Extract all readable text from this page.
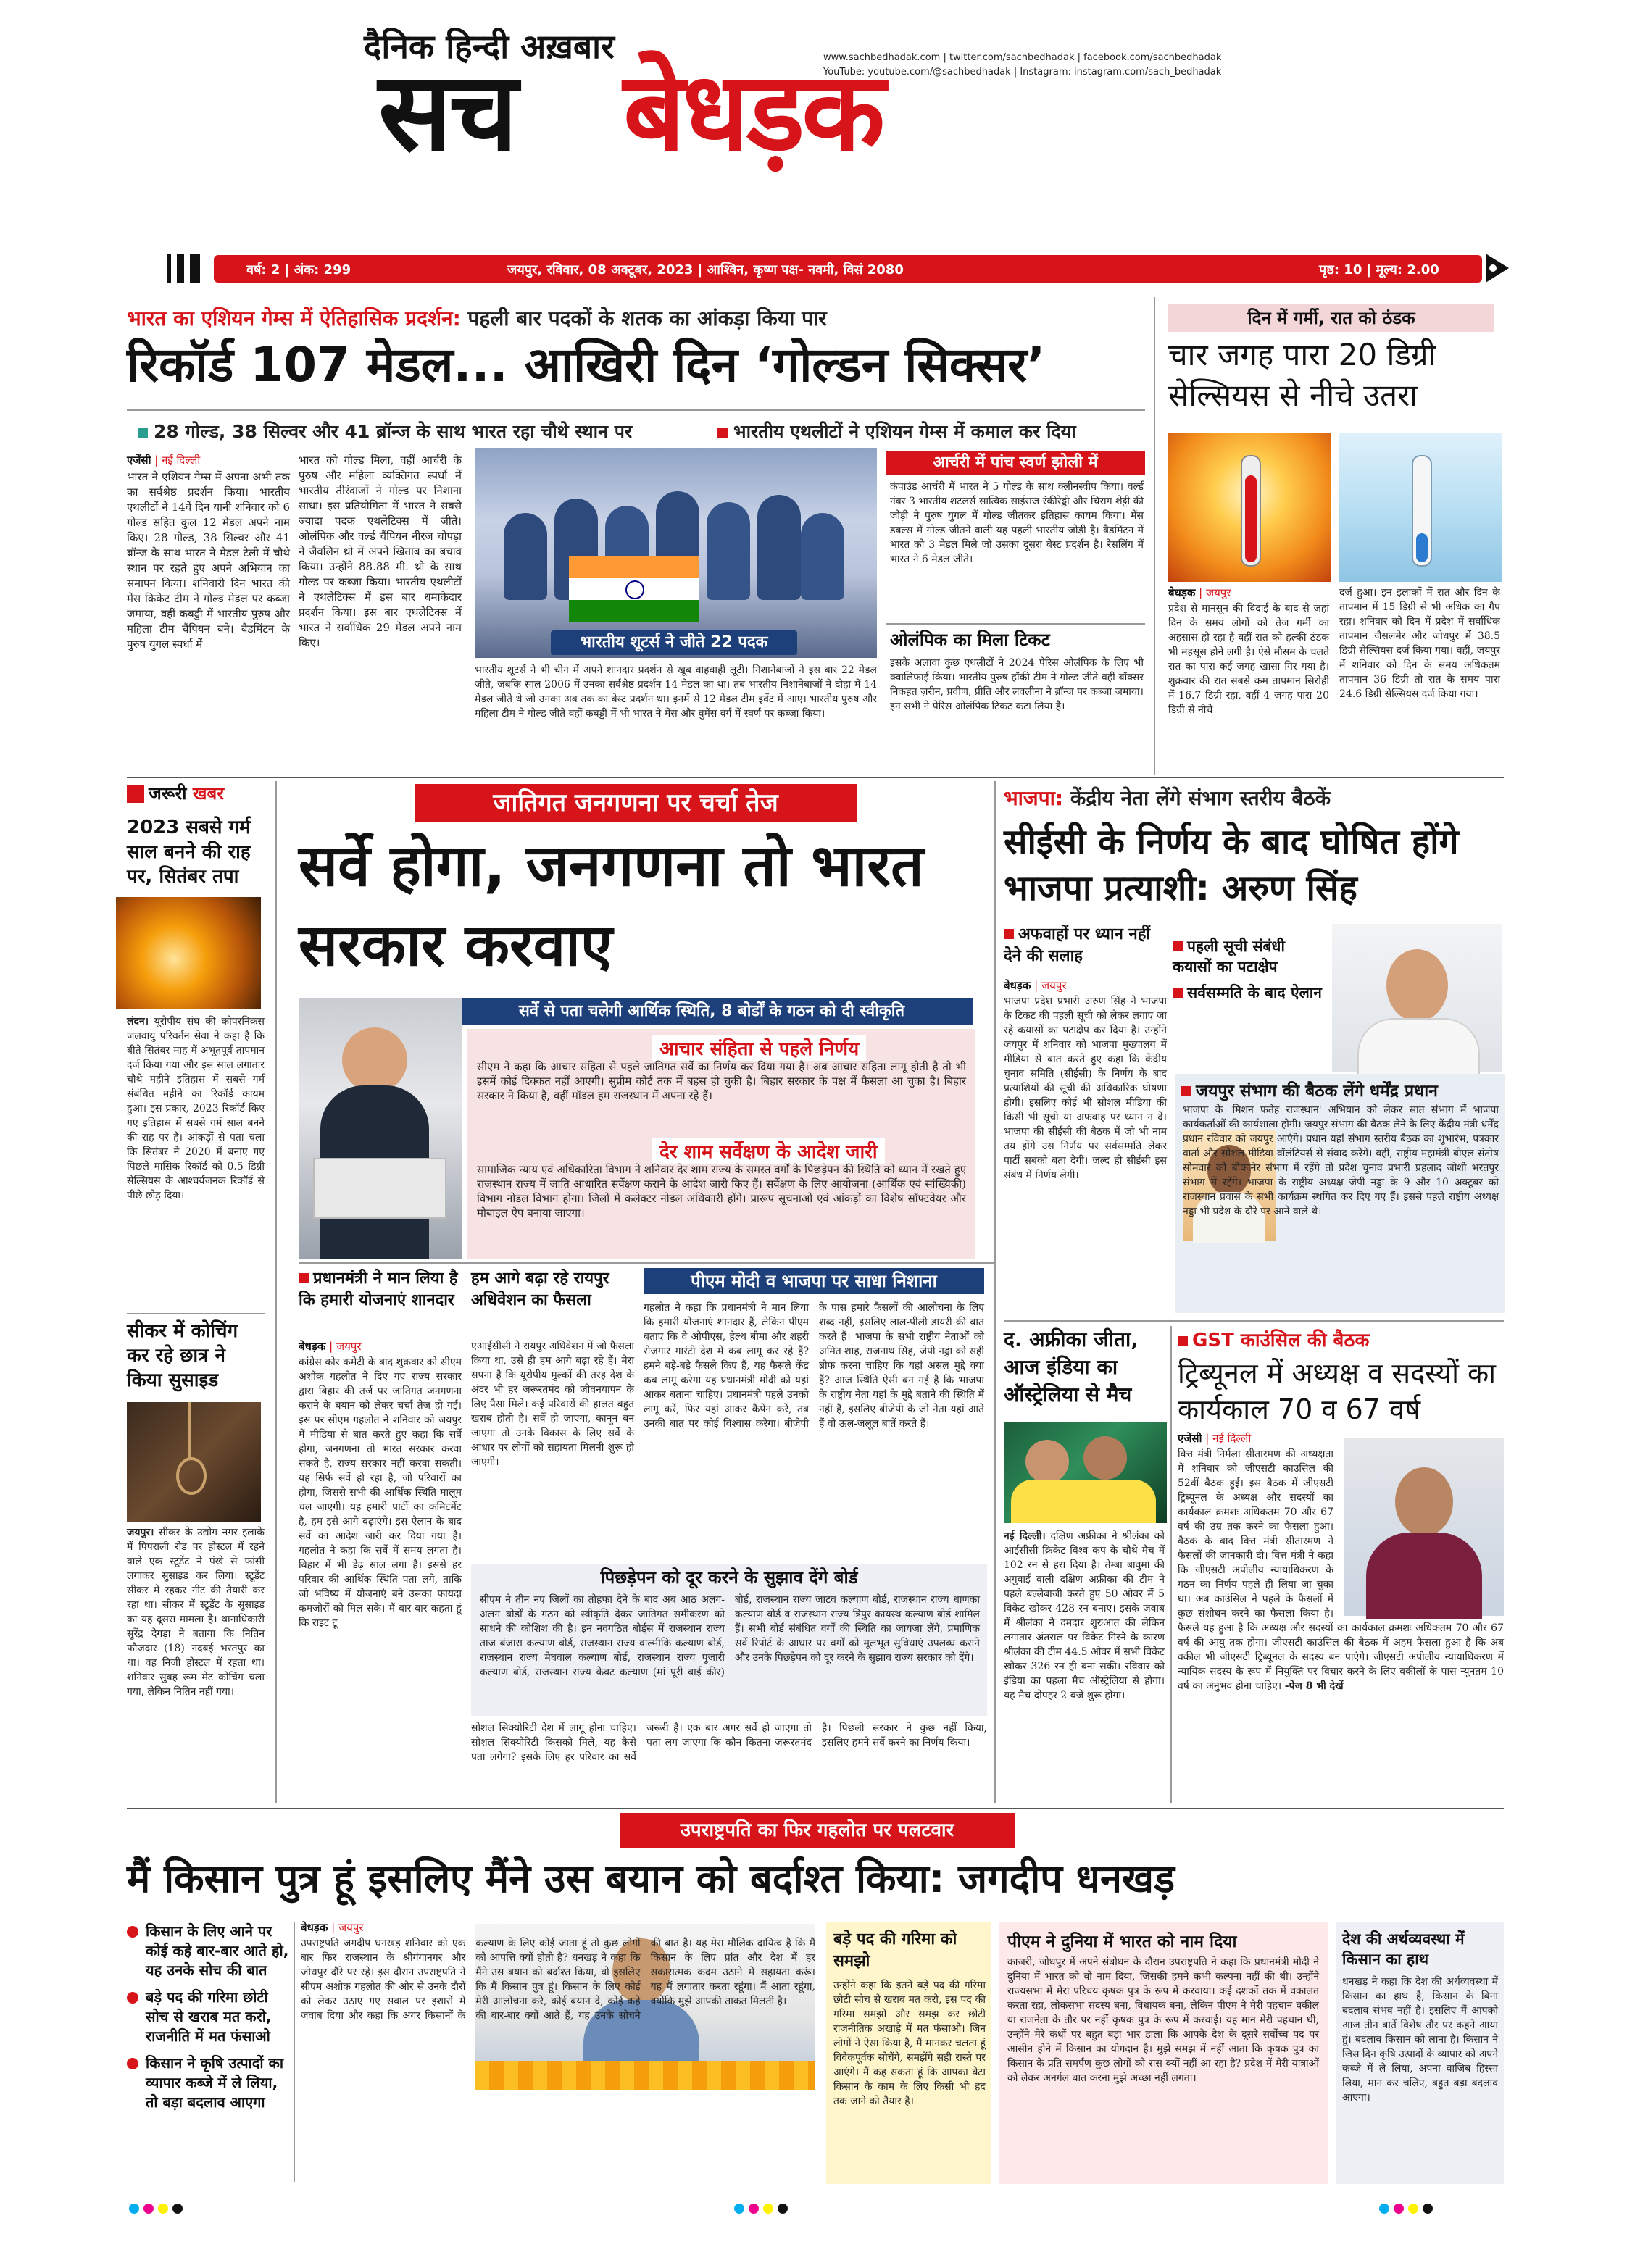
दैनिक हिन्दी अख़बार
सच बेधड़क
www.sachbedhadak.com | twitter.com/sachbedhadak | facebook.com/sachbedhadak
YouTube: youtube.com/@sachbedhadak | Instagram: instagram.com/sach_bedhadak
वर्ष: 2 | अंक: 299	जयपुर, रविवार, 08 अक्टूबर, 2023 | आश्विन, कृष्ण पक्ष- नवमी, विसं 2080	पृष्ठ: 10 | मूल्य: 2.00
भारत का एशियन गेम्स में ऐतिहासिक प्रदर्शन: पहली बार पदकों के शतक का आंकड़ा किया पार
रिकॉर्ड 107 मेडल... आखिरी दिन ‘गोल्डन सिक्सर’
28 गोल्ड, 38 सिल्वर और 41 ब्रॉन्ज के साथ भारत रहा चौथे स्थान पर	भारतीय एथलीटों ने एशियन गेम्स में कमाल कर दिया
एजेंसी | नई दिल्ली
भारत ने एशियन गेम्स में अपना अभी तक का सर्वश्रेष्ठ प्रदर्शन किया। भारतीय एथलीटों ने 14वें दिन यानी शनिवार को 6 गोल्ड सहित कुल 12 मेडल अपने नाम किए। 28 गोल्ड, 38 सिल्वर और 41 ब्रॉन्ज के साथ भारत ने मेडल टेली में चौथे स्थान पर रहते हुए अपने अभियान का समापन किया। शनिवारी दिन भारत की मेंस क्रिकेट टीम ने गोल्ड मेडल पर कब्जा जमाया, वहीं कबड्डी में भारतीय पुरुष और महिला टीम चैंपियन बने। बैडमिंटन के पुरुष युगल स्पर्धा में
भारत को गोल्ड मिला, वहीं आर्चरी के पुरुष और महिला व्यक्तिगत स्पर्धा में भारतीय तीरंदाजों ने गोल्ड पर निशाना साधा। इस प्रतियोगिता में भारत ने सबसे ज्यादा पदक एथलेटिक्स में जीते। ओलंपिक और वर्ल्ड चैंपियन नीरज चोपड़ा ने जैवलिन थ्रो में अपने खिताब का बचाव किया। उन्होंने 88.88 मी. थ्रो के साथ गोल्ड पर कब्जा किया। भारतीय एथलीटों ने एथलेटिक्स में इस बार धमाकेदार प्रदर्शन किया। इस बार एथलेटिक्स में भारत ने सर्वाधिक 29 मेडल अपने नाम किए।	भारतीय शूटर्स ने जीते 22 पदक
भारतीय शूटर्स ने भी चीन में अपने शानदार प्रदर्शन से खूब वाहवाही लूटी। निशानेबाजों ने इस बार 22 मेडल जीते, जबकि साल 2006 में उनका सर्वश्रेष्ठ प्रदर्शन 14 मेडल का था। तब भारतीय निशानेबाजों ने दोहा में 14 मेडल जीते थे जो उनका अब तक का बेस्ट प्रदर्शन था। इनमें से 12 मेडल टीम इवेंट में आए। भारतीय पुरुष और महिला टीम ने गोल्ड जीते वहीं कबड्डी में भी भारत ने मेंस और वुमेंस वर्ग में स्वर्ण पर कब्जा किया।
आर्चरी में पांच स्वर्ण झोली में
कंपाउंड आर्चरी में भारत ने 5 गोल्ड के साथ क्लीनस्वीप किया। वर्ल्ड नंबर 3 भारतीय शटलर्स सात्विक साईराज रंकीरेड्डी और चिराग शेट्टी की जोड़ी ने पुरुष युगल में गोल्ड जीतकर इतिहास कायम किया। मेंस डबल्स में गोल्ड जीतने वाली यह पहली भारतीय जोड़ी है। बैडमिंटन में भारत को 3 मेडल मिले जो उसका दूसरा बेस्ट प्रदर्शन है। रेसलिंग में भारत ने 6 मेडल जीते।
ओलंपिक का मिला टिकट
इसके अलावा कुछ एथलीटों ने 2024 पेरिस ओलंपिक के लिए भी क्वालिफाई किया। भारतीय पुरुष हॉकी टीम ने गोल्ड जीते वहीं बॉक्सर निकहत ज़रीन, प्रवीण, प्रीति और लवलीना ने ब्रॉन्ज पर कब्जा जमाया। इन सभी ने पेरिस ओलंपिक टिकट कटा लिया है।
दिन में गर्मी, रात को ठंडक
चार जगह पारा 20 डिग्री सेल्सियस से नीचे उतरा
बेधड़क | जयपुर
प्रदेश से मानसून की विदाई के बाद से जहां दिन के समय लोगों को तेज गर्मी का अहसास हो रहा है वहीं रात को हल्की ठंडक भी महसूस होने लगी है। ऐसे मौसम के चलते रात का पारा कई जगह खासा गिर गया है। शुक्रवार की रात सबसे कम तापमान सिरोही में 16.7 डिग्री रहा, वहीं 4 जगह पारा 20 डिग्री से नीचे
दर्ज हुआ। इन इलाकों में रात और दिन के तापमान में 15 डिग्री से भी अधिक का गैप रहा। शनिवार को दिन में प्रदेश में सर्वाधिक तापमान जैसलमेर और जोधपुर में 38.5 डिग्री सेल्सियस दर्ज किया गया। वहीं, जयपुर में शनिवार को दिन के समय अधिकतम तापमान 36 डिग्री तो रात के समय पारा 24.6 डिग्री सेल्सियस दर्ज किया गया।
जरूरी खबर
2023 सबसे गर्म साल बनने की राह पर, सितंबर तपा
लंदन। यूरोपीय संघ की कोपरनिकस जलवायु परिवर्तन सेवा ने कहा है कि बीते सितंबर माह में अभूतपूर्व तापमान दर्ज किया गया और इस साल लगातार चौथे महीने इतिहास में सबसे गर्म संबंधित महीने का रिकॉर्ड कायम हुआ। इस प्रकार, 2023 रिकॉर्ड किए गए इतिहास में सबसे गर्म साल बनने की राह पर है। आंकड़ों से पता चला कि सितंबर ने 2020 में बनाए गए पिछले मासिक रिकॉर्ड को 0.5 डिग्री सेल्सियस के आश्चर्यजनक रिकॉर्ड से पीछे छोड़ दिया।
सीकर में कोचिंग कर रहे छात्र ने किया सुसाइड
जयपुर। सीकर के उद्योग नगर इलाके में पिपराली रोड पर होस्टल में रहने वाले एक स्टूडेंट ने पंखे से फांसी लगाकर सुसाइड कर लिया। स्टूडेंट सीकर में रहकर नीट की तैयारी कर रहा था। सीकर में स्टूडेंट के सुसाइड का यह दूसरा मामला है। थानाधिकारी सुरेंद्र देगड़ा ने बताया कि नितिन फौजदार (18) नदबई भरतपुर का था। वह निजी होस्टल में रहता था। शनिवार सुबह रूम मेट कोचिंग चला गया, लेकिन नितिन नहीं गया।
जातिगत जनगणना पर चर्चा तेज
सर्वे होगा, जनगणना तो भारत सरकार करवाए
सर्वे से पता चलेगी आर्थिक स्थिति, 8 बोर्डों के गठन को दी स्वीकृति
आचार संहिता से पहले निर्णय
सीएम ने कहा कि आचार संहिता से पहले जातिगत सर्वे का निर्णय कर दिया गया है। अब आचार संहिता लागू होती है तो भी इसमें कोई दिक्कत नहीं आएगी। सुप्रीम कोर्ट तक में बहस हो चुकी है। बिहार सरकार के पक्ष में फैसला आ चुका है। बिहार सरकार ने किया है, वहीं मॉडल हम राजस्थान में अपना रहे हैं।
देर शाम सर्वेक्षण के आदेश जारी
सामाजिक न्याय एवं अधिकारिता विभाग ने शनिवार देर शाम राज्य के समस्त वर्गों के पिछड़ेपन की स्थिति को ध्यान में रखते हुए राजस्थान राज्य में जाति आधारित सर्वेक्षण कराने के आदेश जारी किए हैं। सर्वेक्षण के लिए आयोजना (आर्थिक एवं सांख्यिकी) विभाग नोडल विभाग होगा। जिलों में कलेक्टर नोडल अधिकारी होंगे। प्रारूप सूचनाओं एवं आंकड़ों का विशेष सॉफ्टवेयर और मोबाइल ऐप बनाया जाएगा।
प्रधानमंत्री ने मान लिया है कि हमारी योजनाएं शानदार
बेधड़क | जयपुर
कांग्रेस कोर कमेटी के बाद शुक्रवार को सीएम अशोक गहलोत ने दिए गए राज्य सरकार द्वारा बिहार की तर्ज पर जातिगत जनगणना कराने के बयान को लेकर चर्चा तेज हो गई। इस पर सीएम गहलोत ने शनिवार को जयपुर में मीडिया से बात करते हुए कहा कि सर्वे होगा, जनगणना तो भारत सरकार करवा सकते है, राज्य सरकार नहीं करवा सकती। यह सिर्फ सर्वे हो रहा है, जो परिवारों का होगा, जिससे सभी की आर्थिक स्थिति मालूम चल जाएगी। यह हमारी पार्टी का कमिटमेंट है, हम इसे आगे बढ़ाएंगे। इस ऐलान के बाद सर्वे का आदेश जारी कर दिया गया है। गहलोत ने कहा कि सर्वे में समय लगता है। बिहार में भी डेढ़ साल लगा है। इससे हर परिवार की आर्थिक स्थिति पता लगे, ताकि जो भविष्य में योजनाएं बने उसका फायदा कमजोरों को मिल सके। मैं बार-बार कहता हूं कि राइट टू
हम आगे बढ़ा रहे रायपुर अधिवेशन का फैसला
एआईसीसी ने रायपुर अधिवेशन में जो फैसला किया था, उसे ही हम आगे बढ़ा रहे हैं। मेरा सपना है कि यूरोपीय मुल्कों की तरह देश के अंदर भी हर जरूरतमंद को जीवनयापन के लिए पैसा मिले। कई परिवारों की हालत बहुत खराब होती है। सर्वे हो जाएगा, कानून बन जाएगा तो उनके विकास के लिए सर्वे के आधार पर लोगों को सहायता मिलनी शुरू हो जाएगी।
पीएम मोदी व भाजपा पर साधा निशाना
गहलोत ने कहा कि प्रधानमंत्री ने मान लिया कि हमारी योजनाएं शानदार हैं, लेकिन पीएम बताए कि वे ओपीएस, हेल्थ बीमा और शहरी रोजगार गारंटी देश में कब लागू कर रहे हैं? हमने बड़े-बड़े फैसले किए हैं, यह फैसले केंद्र कब लागू करेगा यह प्रधानमंत्री मोदी को यहां आकर बताना चाहिए। प्रधानमंत्री पहले उनको लागू करें, फिर यहां आकर कैंपेन करें, तब उनकी बात पर कोई विश्वास करेगा। बीजेपी के पास हमारे फैसलों की आलोचना के लिए शब्द नहीं, इसलिए लाल-पीली डायरी की बात करते हैं। भाजपा के सभी राष्ट्रीय नेताओं को अमित शाह, राजनाथ सिंह, जेपी नड्डा को सही ब्रीफ करना चाहिए कि यहां असल मुद्दे क्या हैं? आज स्थिति ऐसी बन गई है कि भाजपा के राष्ट्रीय नेता यहां के मुद्दे बताने की स्थिति में नहीं हैं, इसलिए बीजेपी के जो नेता यहां आते हैं वो ऊल-जलूल बातें करते हैं।
पिछड़ेपन को दूर करने के सुझाव देंगे बोर्ड
सीएम ने तीन नए जिलों का तोहफा देने के बाद अब आठ अलग-अलग बोर्डों के गठन को स्वीकृति देकर जातिगत समीकरण को साधने की कोशिश की है। इन नवगठित बोर्ड्स में राजस्थान राज्य ताज बंजारा कल्याण बोर्ड, राजस्थान राज्य वाल्मीकि कल्याण बोर्ड, राजस्थान राज्य मेघवाल कल्याण बोर्ड, राजस्थान राज्य पुजारी कल्याण बोर्ड, राजस्थान राज्य केवट कल्याण (मां पूरी बाई कीर) बोर्ड, राजस्थान राज्य जाटव कल्याण बोर्ड, राजस्थान राज्य धाणका कल्याण बोर्ड व राजस्थान राज्य त्रिपुर कायस्थ कल्याण बोर्ड शामिल हैं। सभी बोर्ड संबंधित वर्गों की स्थिति का जायजा लेंगे, प्रमाणिक सर्वे रिपोर्ट के आधार पर वर्गों को मूलभूत सुविधाएं उपलब्ध कराने और उनके पिछड़ेपन को दूर करने के सुझाव राज्य सरकार को देंगे।
सोशल सिक्योरिटी देश में लागू होना चाहिए। सोशल सिक्योरिटी किसको मिले, यह कैसे पता लगेगा? इसके लिए हर परिवार का सर्वे जरूरी है। एक बार अगर सर्वे हो जाएगा तो पता लग जाएगा कि कौन कितना जरूरतमंद है। पिछली सरकार ने कुछ नहीं किया, इसलिए हमने सर्वे करने का निर्णय किया।
भाजपा: केंद्रीय नेता लेंगे संभाग स्तरीय बैठकें
सीईसी के निर्णय के बाद घोषित होंगे भाजपा प्रत्याशी: अरुण सिंह
अफवाहों पर ध्यान नहीं देने की सलाह
बेधड़क | जयपुर
भाजपा प्रदेश प्रभारी अरुण सिंह ने भाजपा के टिकट की पहली सूची को लेकर लगाए जा रहे कयासों का पटाक्षेप कर दिया है। उन्होंने जयपुर में शनिवार को भाजपा मुख्यालय में मीडिया से बात करते हुए कहा कि केंद्रीय चुनाव समिति (सीईसी) के निर्णय के बाद प्रत्याशियों की सूची की अधिकारिक घोषणा होगी। इसलिए कोई भी सोशल मीडिया की किसी भी सूची या अफवाह पर ध्यान न दें। भाजपा की सीईसी की बैठक में जो भी नाम तय होंगे उस निर्णय पर सर्वसम्मति लेकर पार्टी सबको बता देगी। जल्द ही सीईसी इस संबंध में निर्णय लेगी।
पहली सूची संबंधी कयासों का पटाक्षेप
सर्वसम्मति के बाद ऐलान
जयपुर संभाग की बैठक लेंगे धर्मेंद्र प्रधान
भाजपा के 'मिशन फतेह राजस्थान' अभियान को लेकर सात संभाग में भाजपा कार्यकर्ताओं की कार्यशाला होगी। जयपुर संभाग की बैठक लेने के लिए केंद्रीय मंत्री धर्मेंद्र प्रधान रविवार को जयपुर आएंगे। प्रधान यहां संभाग स्तरीय बैठक का शुभारंभ, पत्रकार वार्ता और सोशल मीडिया वॉलंटियर्स से संवाद करेंगे। वहीं, राष्ट्रीय महामंत्री बीएल संतोष सोमवार को बीकानेर संभाग में रहेंगे तो प्रदेश चुनाव प्रभारी प्रहलाद जोशी भरतपुर संभाग में रहेंगे। भाजपा के राष्ट्रीय अध्यक्ष जेपी नड्डा के 9 और 10 अक्टूबर को राजस्थान प्रवास के सभी कार्यक्रम स्थगित कर दिए गए हैं। इससे पहले राष्ट्रीय अध्यक्ष नड्डा भी प्रदेश के दौरे पर आने वाले थे।
द. अफ्रीका जीता, आज इंडिया का ऑस्ट्रेलिया से मैच
नई दिल्ली। दक्षिण अफ्रीका ने श्रीलंका को आईसीसी क्रिकेट विश्व कप के चौथे मैच में 102 रन से हरा दिया है। तेम्बा बावुमा की अगुवाई वाली दक्षिण अफ्रीका की टीम ने पहले बल्लेबाजी करते हुए 50 ओवर में 5 विकेट खोकर 428 रन बनाए। इसके जवाब में श्रीलंका ने दमदार शुरुआत की लेकिन लगातार अंतराल पर विकेट गिरने के कारण श्रीलंका की टीम 44.5 ओवर में सभी विकेट खोकर 326 रन ही बना सकी। रविवार को इंडिया का पहला मैच ऑस्ट्रेलिया से होगा। यह मैच दोपहर 2 बजे शुरू होगा।
GST काउंसिल की बैठक
ट्रिब्यूनल में अध्यक्ष व सदस्यों का कार्यकाल 70 व 67 वर्ष
एजेंसी | नई दिल्ली
वित्त मंत्री निर्मला सीतारमण की अध्यक्षता में शनिवार को जीएसटी काउंसिल की 52वीं बैठक हुई। इस बैठक में जीएसटी ट्रिब्यूनल के अध्यक्ष और सदस्यों का कार्यकाल क्रमशः अधिकतम 70 और 67 वर्ष की उम्र तक करने का फैसला हुआ। बैठक के बाद वित्त मंत्री सीतारमण ने फैसलों की जानकारी दी। वित्त मंत्री ने कहा कि जीएसटी अपीलीय न्यायाधिकरण के गठन का निर्णय पहले ही लिया जा चुका था। अब काउंसिल ने पहले के फैसलों में कुछ संशोधन करने का फैसला किया है। फैसले यह हुआ है कि अध्यक्ष और सदस्यों का कार्यकाल क्रमशः अधिकतम 70 और 67 वर्ष की आयु तक होगा। जीएसटी काउंसिल की बैठक में अहम फैसला हुआ है कि अब वकील भी जीएसटी ट्रिब्यूनल के सदस्य बन पाएंगे। जीएसटी अपीलीय न्यायाधिकरण में न्यायिक सदस्य के रूप में नियुक्ति पर विचार करने के लिए वकीलों के पास न्यूनतम 10 वर्ष का अनुभव होना चाहिए। -पेज 8 भी देखें
उपराष्ट्रपति का फिर गहलोत पर पलटवार
मैं किसान पुत्र हूं इसलिए मैंने उस बयान को बर्दाश्त किया: जगदीप धनखड़
किसान के लिए आने पर कोई कहे बार-बार आते हो, यह उनके सोच की बात
बड़े पद की गरिमा छोटी सोच से खराब मत करो, राजनीति में मत फंसाओ
किसान ने कृषि उत्पादों का व्यापार कब्जे में ले लिया, तो बड़ा बदलाव आएगा
बेधड़क | जयपुर
उपराष्ट्रपति जगदीप धनखड़ शनिवार को एक बार फिर राजस्थान के श्रीगंगानगर और जोधपुर दौरे पर रहे। इस दौरान उपराष्ट्रपति ने सीएम अशोक गहलोत की ओर से उनके दौरों को लेकर उठाए गए सवाल पर इशारों में जवाब दिया और कहा कि अगर किसानों के कल्याण के लिए कोई जाता हूं तो कुछ लोगों को आपत्ति क्यों होती है? धनखड़ ने कहा कि मैंने उस बयान को बर्दाश्त किया, वो इसलिए कि मैं किसान पुत्र हूं। किसान के लिए कोई मेरी आलोचना करे, कोई बयान दे, कोई कहे की बार-बार क्यों आते हैं, यह उनके सोचने की बात है। यह मेरा मौलिक दायित्व है कि मैं किसान के लिए प्रांत और देश में हर सकारात्मक कदम उठाने में सहायता करूं। यह मैं लगातार करता रहूंगा। मैं आता रहूंगा, क्योंकि मुझे आपकी ताकत मिलती है।
बड़े पद की गरिमा को समझो
उन्होंने कहा कि इतने बड़े पद की गरिमा छोटी सोच से खराब मत करो, इस पद की गरिमा समझो और समझ कर छोटी राजनीतिक अखाड़े में मत फंसाओ। जिन लोगों ने ऐसा किया है, मैं मानकर चलता हूं विवेकपूर्वक सोचेंगे, समझेंगे सही रास्ते पर आएंगे। मैं कह सकता हूं कि आपका बेटा किसान के काम के लिए किसी भी हद तक जाने को तैयार है।
पीएम ने दुनिया में भारत को नाम दिया
काजरी, जोधपुर में अपने संबोधन के दौरान उपराष्ट्रपति ने कहा कि प्रधानमंत्री मोदी ने दुनिया में भारत को वो नाम दिया, जिसकी हमने कभी कल्पना नहीं की थी। उन्होंने राज्यसभा में मेरा परिचय कृषक पुत्र के रूप में करवाया। कई दशकों तक में वकालत करता रहा, लोकसभा सदस्य बना, विधायक बना, लेकिन पीएम ने मेरी पहचान वकील या राजनेता के तौर पर नहीं कृषक पुत्र के रूप में करवाई। यह मान मेरी पहचान थी, उन्होंने मेरे कंधों पर बहुत बड़ा भार डाला कि आपके देश के दूसरे सर्वोच्च पद पर आसीन होने में किसान का योगदान है। मुझे समझ में नहीं आता कि कृषक पुत्र का किसान के प्रति समर्पण कुछ लोगों को रास क्यों नहीं आ रहा है? प्रदेश में मेरी यात्राओं को लेकर अनर्गल बात करना मुझे अच्छा नहीं लगता।
देश की अर्थव्यवस्था में किसान का हाथ
धनखड़ ने कहा कि देश की अर्थव्यवस्था में किसान का हाथ है, किसान के बिना बदलाव संभव नहीं है। इसलिए मैं आपको आज तीन बातें विशेष तौर पर कहने आया हूं। बदलाव किसान को लाना है। किसान ने जिस दिन कृषि उत्पादों के व्यापार को अपने कब्जे में ले लिया, अपना वाजिब हिस्सा लिया, मान कर चलिए, बहुत बड़ा बदलाव आएगा।
